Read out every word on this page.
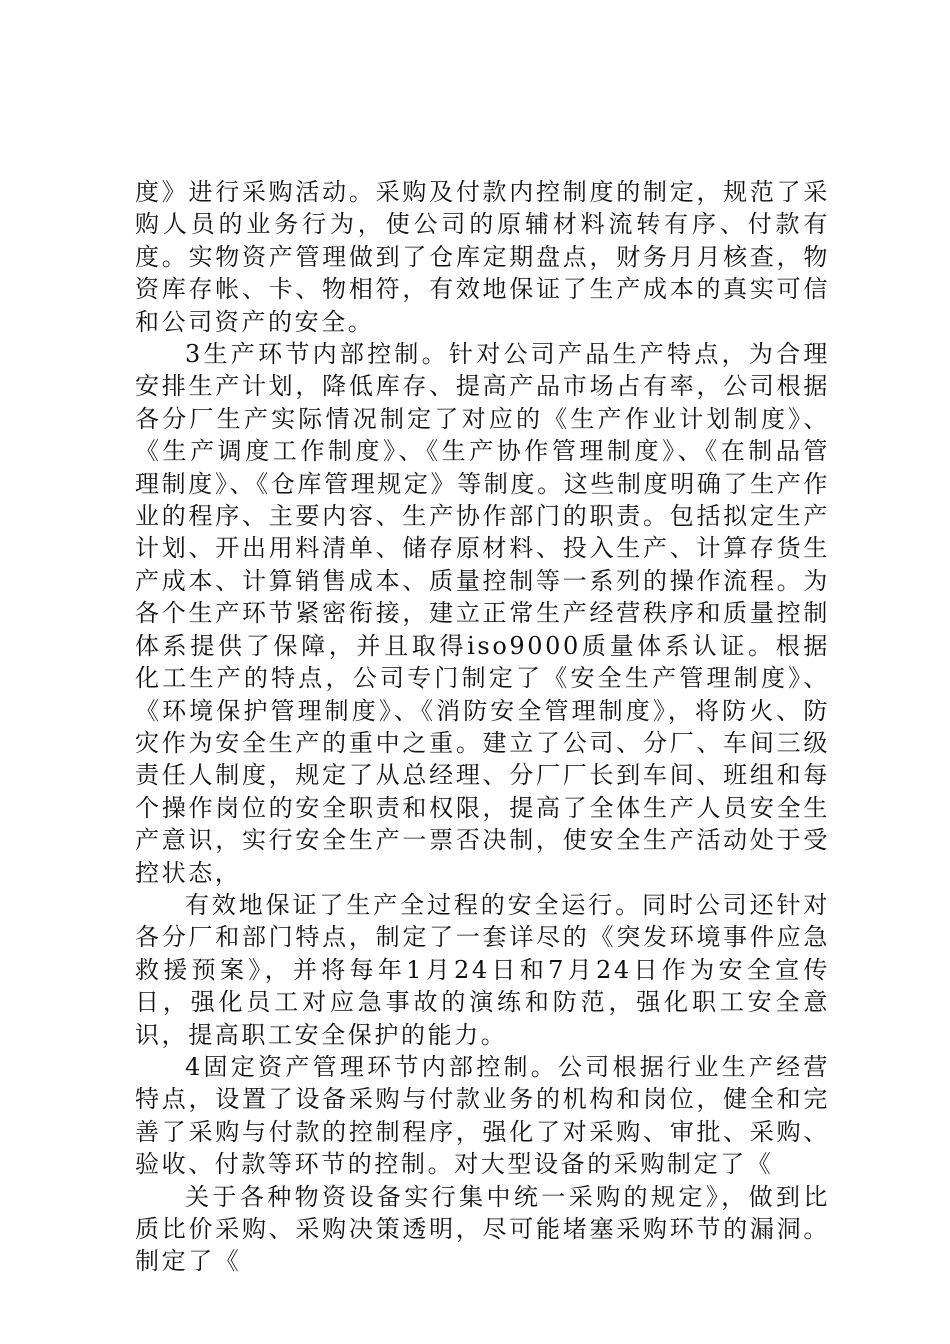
度》进行采购活动。采购及付款内控制度的制定，规范了采购人员的业务行为，使公司的原辅材料流转有序、付款有度。实物资产管理做到了仓库定期盘点，财务月月核查，物资库存帐、卡、物相符，有效地保证了生产成本的真实可信和公司资产的安全。

3生产环节内部控制。针对公司产品生产特点，为合理安排生产计划，降低库存、提高产品市场占有率，公司根据各分厂生产实际情况制定了对应的《生产作业计划制度》、《生产调度工作制度》、《生产协作管理制度》、《在制品管理制度》、《仓库管理规定》等制度。这些制度明确了生产作业的程序、主要内容、生产协作部门的职责。包括拟定生产计划、开出用料清单、储存原材料、投入生产、计算存货生产成本、计算销售成本、质量控制等一系列的操作流程。为各个生产环节紧密衔接，建立正常生产经营秩序和质量控制体系提供了保障，并且取得iso9000质量体系认证。根据化工生产的特点，公司专门制定了《安全生产管理制度》、《环境保护管理制度》、《消防安全管理制度》，将防火、防灾作为安全生产的重中之重。建立了公司、分厂、车间三级责任人制度，规定了从总经理、分厂厂长到车间、班组和每个操作岗位的安全职责和权限，提高了全体生产人员安全生产意识，实行安全生产一票否决制，使安全生产活动处于受控状态，

有效地保证了生产全过程的安全运行。同时公司还针对各分厂和部门特点，制定了一套详尽的《突发环境事件应急救援预案》，并将每年1月24日和7月24日作为安全宣传日，强化员工对应急事故的演练和防范，强化职工安全意识，提高职工安全保护的能力。

4固定资产管理环节内部控制。公司根据行业生产经营特点，设置了设备采购与付款业务的机构和岗位，健全和完善了采购与付款的控制程序，强化了对采购、审批、采购、验收、付款等环节的控制。对大型设备的采购制定了《

关于各种物资设备实行集中统一采购的规定》，做到比质比价采购、采购决策透明，尽可能堵塞采购环节的漏洞。制定了《
